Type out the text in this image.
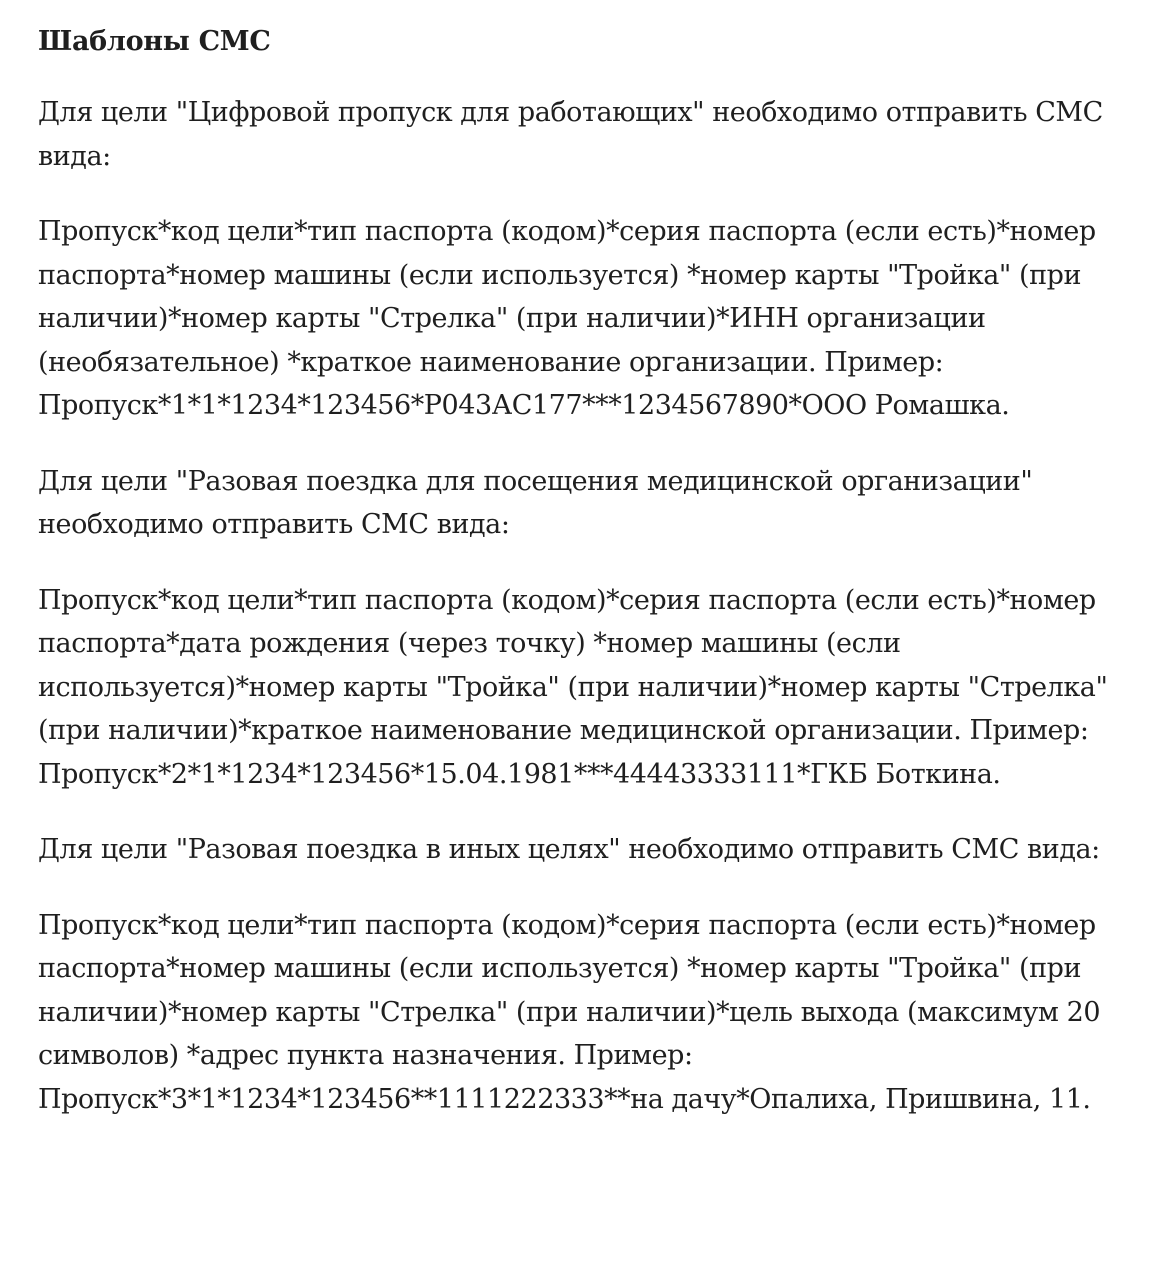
Шаблоны СМС

Для цели "Цифровой пропуск для работающих" необходимо отправить СМС вида:

Пропуск*код цели*тип паспорта (кодом)*серия паспорта (если есть)*номер паспорта*номер машины (если используется) *номер карты "Тройка" (при наличии)*номер карты "Стрелка" (при наличии)*ИНН организации (необязательное) *краткое наименование организации. Пример: Пропуск*1*1*1234*123456*Р043АС177***1234567890*ООО Ромашка.

Для цели "Разовая поездка для посещения медицинской организации" необходимо отправить СМС вида:

Пропуск*код цели*тип паспорта (кодом)*серия паспорта (если есть)*номер паспорта*дата рождения (через точку) *номер машины (если используется)*номер карты "Тройка" (при наличии)*номер карты "Стрелка" (при наличии)*краткое наименование медицинской организации. Пример: Пропуск*2*1*1234*123456*15.04.1981***44443333111*ГКБ Боткина.

Для цели "Разовая поездка в иных целях" необходимо отправить СМС вида:

Пропуск*код цели*тип паспорта (кодом)*серия паспорта (если есть)*номер паспорта*номер машины (если используется) *номер карты "Тройка" (при наличии)*номер карты "Стрелка" (при наличии)*цель выхода (максимум 20 символов) *адрес пункта назначения. Пример: Пропуск*3*1*1234*123456**1111222333**на дачу*Опалиха, Пришвина, 11.
